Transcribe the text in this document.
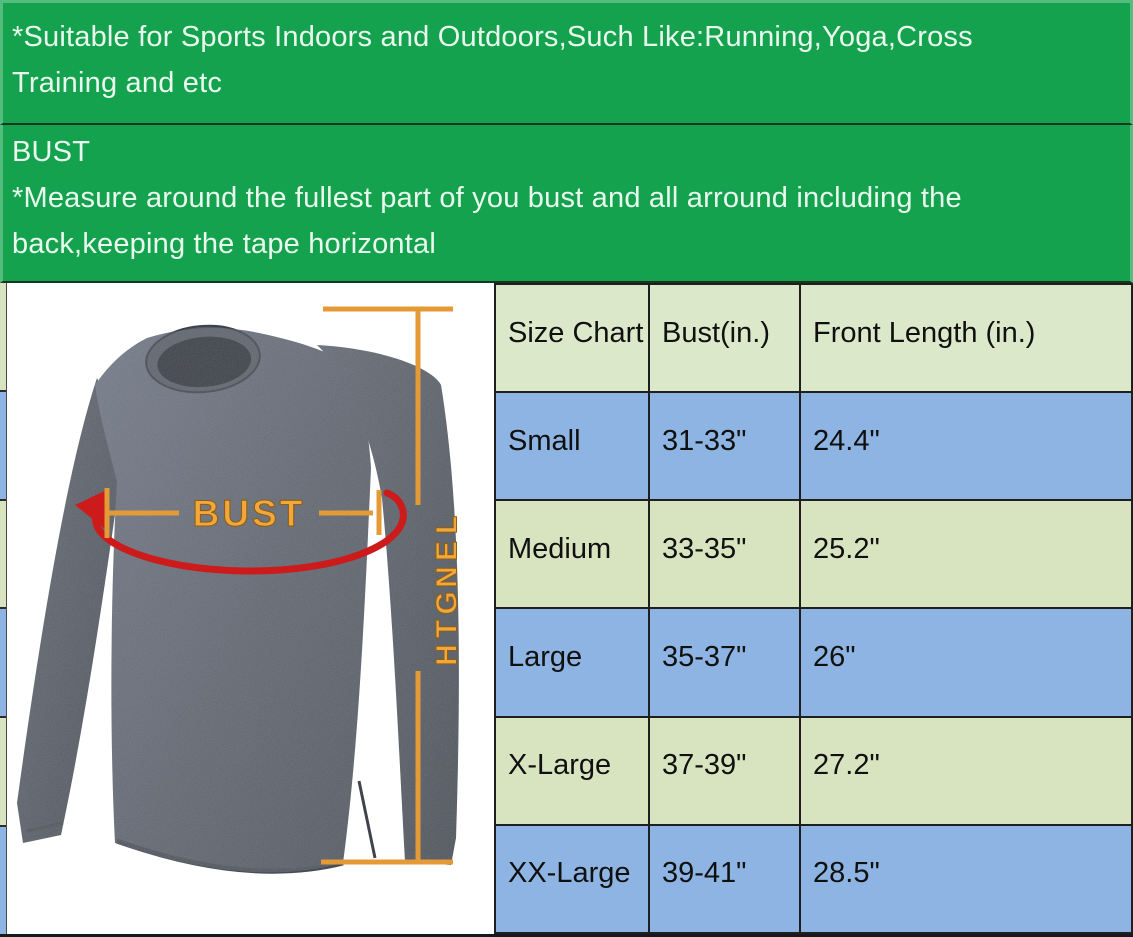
*Suitable for Sports Indoors and Outdoors,Such Like:Running,Yoga,Cross
Training and etc
BUST
*Measure around the fullest part of you bust and all arround including the
back,keeping the tape horizontal
BUST	L
E
N
G
T
H
Size Chart	Bust(in.)	Front Length (in.)
Small	31-33"	24.4"
Medium	33-35"	25.2"
Large	35-37"	26"
X-Large	37-39"	27.2"
XX-Large	39-41"	28.5"
